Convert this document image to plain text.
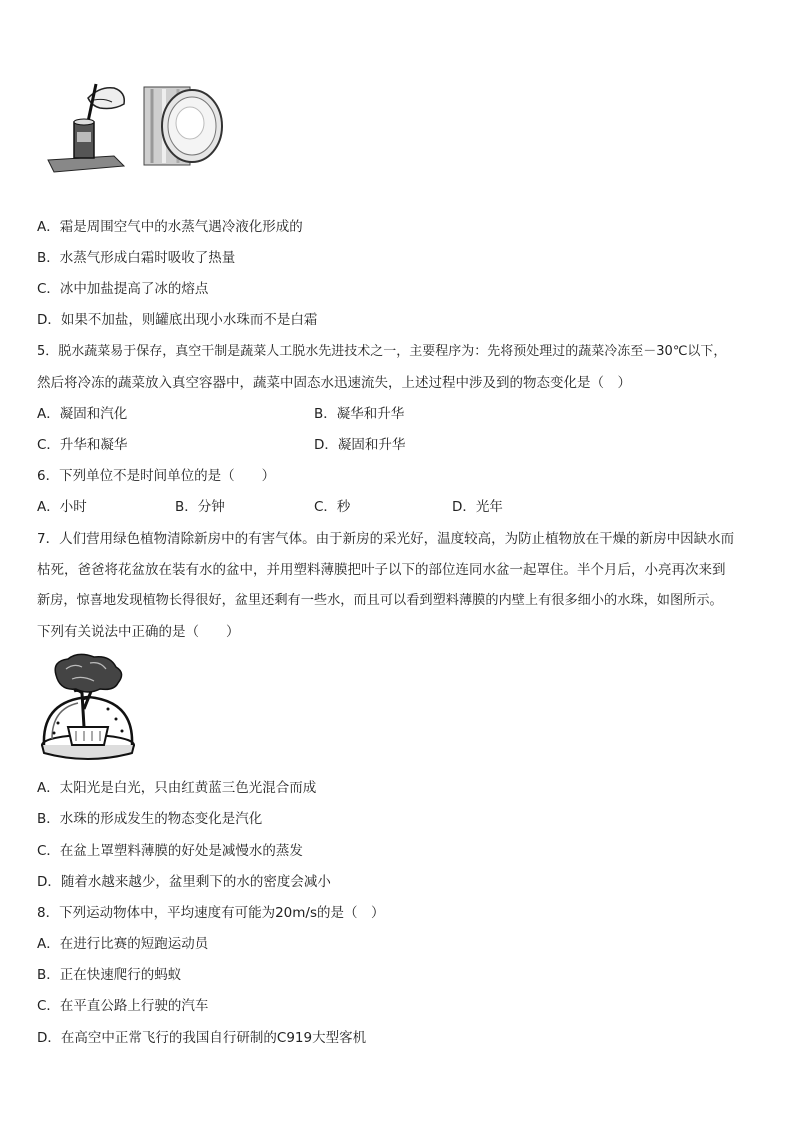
A．霜是周围空气中的水蒸气遇冷液化形成的
B．水蒸气形成白霜时吸收了热量
C．冰中加盐提高了冰的熔点
D．如果不加盐，则罐底出现小水珠而不是白霜
5．脱水蔬菜易于保存，真空干制是蔬菜人工脱水先进技术之一，主要程序为：先将预处理过的蔬菜冷冻至－30℃以下，
然后将冷冻的蔬菜放入真空容器中，蔬菜中固态水迅速流失，上述过程中涉及到的物态变化是（　）
A．凝固和汽化	B．凝华和升华
C．升华和凝华	D．凝固和升华
6．下列单位不是时间单位的是（　　）
A．小时	B．分钟	C．秒	D．光年
7．人们营用绿色植物清除新房中的有害气体。由于新房的采光好，温度较高，为防止植物放在干燥的新房中因缺水而
枯死，爸爸将花盆放在装有水的盆中，并用塑料薄膜把叶子以下的部位连同水盆一起罩住。半个月后，小亮再次来到
新房，惊喜地发现植物长得很好，盆里还剩有一些水，而且可以看到塑料薄膜的内壁上有很多细小的水珠，如图所示。
下列有关说法中正确的是（　　）
A．太阳光是白光，只由红黄蓝三色光混合而成
B．水珠的形成发生的物态变化是汽化
C．在盆上罩塑料薄膜的好处是减慢水的蒸发
D．随着水越来越少，盆里剩下的水的密度会减小
8．下列运动物体中，平均速度有可能为20m/s的是（　）
A．在进行比赛的短跑运动员
B．正在快速爬行的蚂蚁
C．在平直公路上行驶的汽车
D．在高空中正常飞行的我国自行研制的C919大型客机
